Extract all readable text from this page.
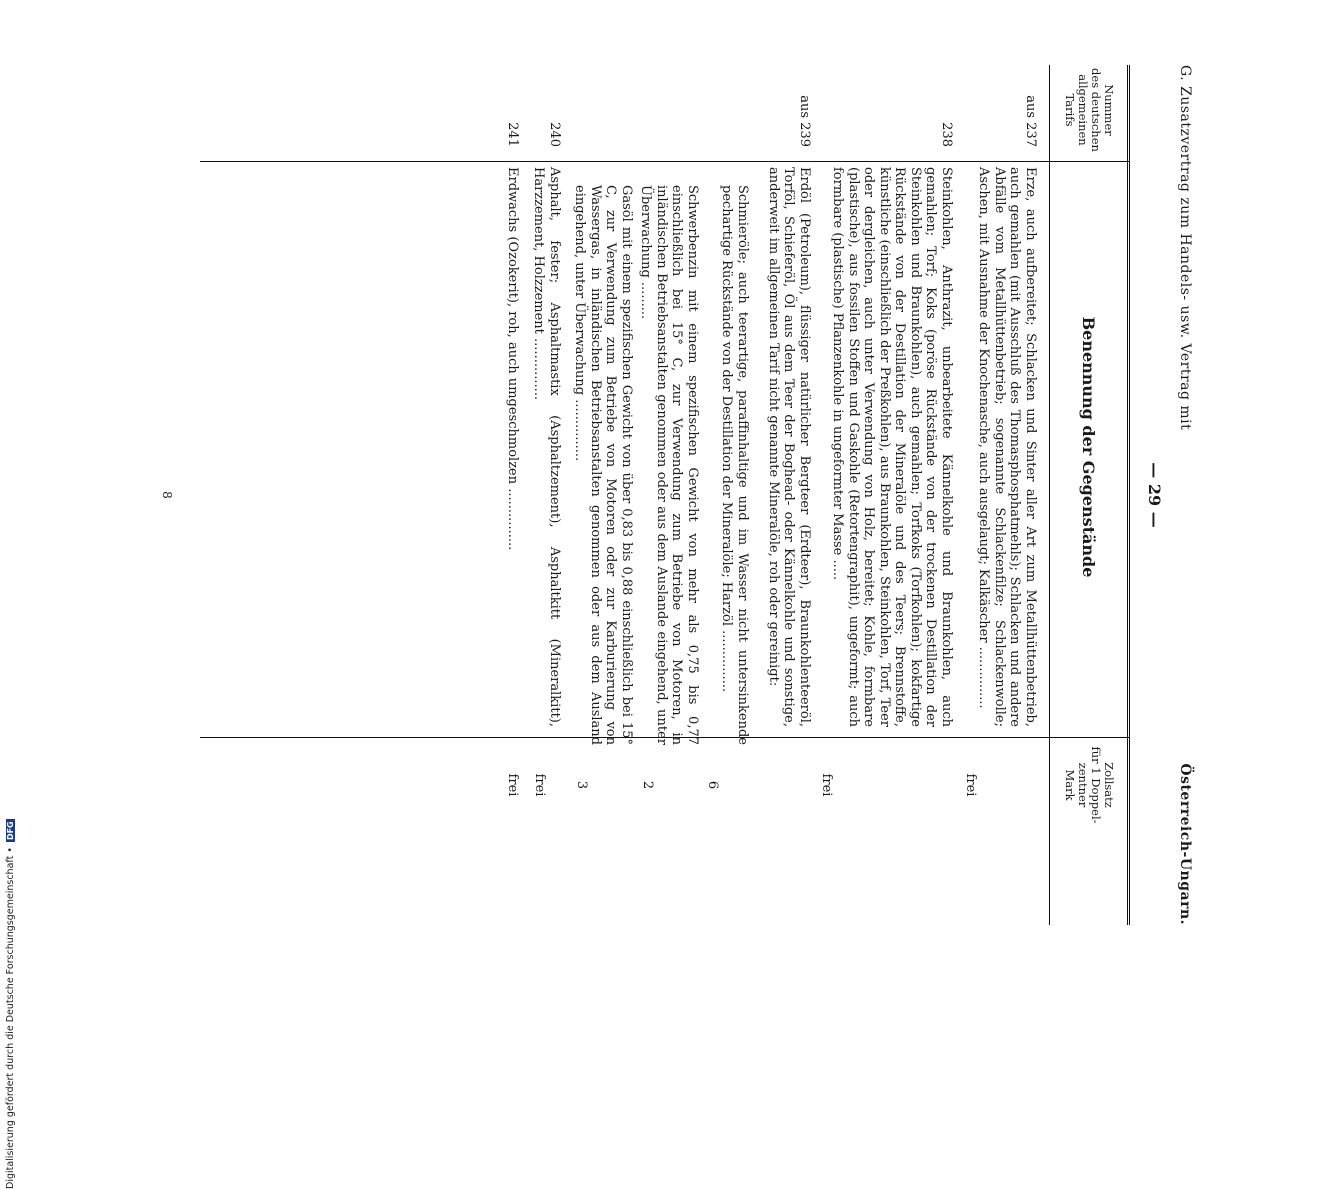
G. Zusatzvertrag zum Handels- usw. Vertrag mit
Österreich-Ungarn.
— 29 —
Nummer
des deutschen
allgemeinen
Tarifs
Benennung der Gegenstände
Zollsatz
für 1 Doppel-
zentner
Mark
aus 237
Erze, auch aufbereitet; Schlacken und Sinter aller Art zum Metallhüttenbetrieb, auch gemahlen (mit Ausschluß des Thomasphosphatmehls); Schlacken und andere Abfälle vom Metallhüttenbetrieb; sogenannte Schlackenfilze; Schlackenwolle; Aschen, mit Ausnahme der Knochenasche, auch ausgelaugt; Kalkäscher ...............
frei
238
Steinkohlen, Anthrazit, unbearbeitete Kännelkohle und Braunkohlen, auch gemahlen; Torf; Koks (poröse Rückstände von der trockenen Destillation der Steinkohlen und Braunkohlen), auch gemahlen; Torfkoks (Torfkohlen); kokfartige Rückstände von der Destillation der Mineralöle und des Teers; Brennstoffe, künstliche (einschließlich der Preßkohlen), aus Braunkohlen, Steinkohlen, Torf, Teer oder dergleichen, auch unter Verwendung von Holz, bereitet; Kohle, formbare (plastische), aus fossilen Stoffen und Gaskohle (Retortengraphit), ungeformt; auch formbare (plastische) Pflanzenkohle in ungeformter Masse .....
frei
aus 239
Erdöl (Petroleum), flüssiger natürlicher Bergteer (Erdteer), Braunkohlenteeröl, Torföl, Schieferöl, Öl aus dem Teer der Boghead- oder Kännelkohle und sonstige, anderweit im allgemeinen Tarif nicht genannte Mineralöle, roh oder gereinigt:
Schmieröle; auch teerartige, paraffinhaltige und im Wasser nicht untersinkende pechartige Rückstände von der Destillation der Mineralöle; Harzöl ...............
6
Schwerbenzin mit einem spezifischen Gewicht von mehr als 0,75 bis 0,77 einschließlich bei 15° C, zur Verwendung zum Betriebe von Motoren, in inländischen Betriebsanstalten genommen oder aus dem Auslande eingehend, unter Überwachung .........
2
Gasöl mit einem spezifischen Gewicht von über 0,83 bis 0,88 einschließlich bei 15° C, zur Verwendung zum Betriebe von Motoren oder zur Karburierung von Wassergas, in inländischen Betriebsanstalten genommen oder aus dem Ausland eingehend, unter Überwachung ...............
3
240
Asphalt, fester; Asphaltmastix (Asphaltzement), Asphaltkitt (Mineralkitt), Harzzement, Holzzement ...............
frei
241
Erdwachs (Ozokerit), roh, auch umgeschmolzen ...............
frei
8
Digitalisierung gefördert durch die Deutsche Forschungsgemeinschaft • DFG
